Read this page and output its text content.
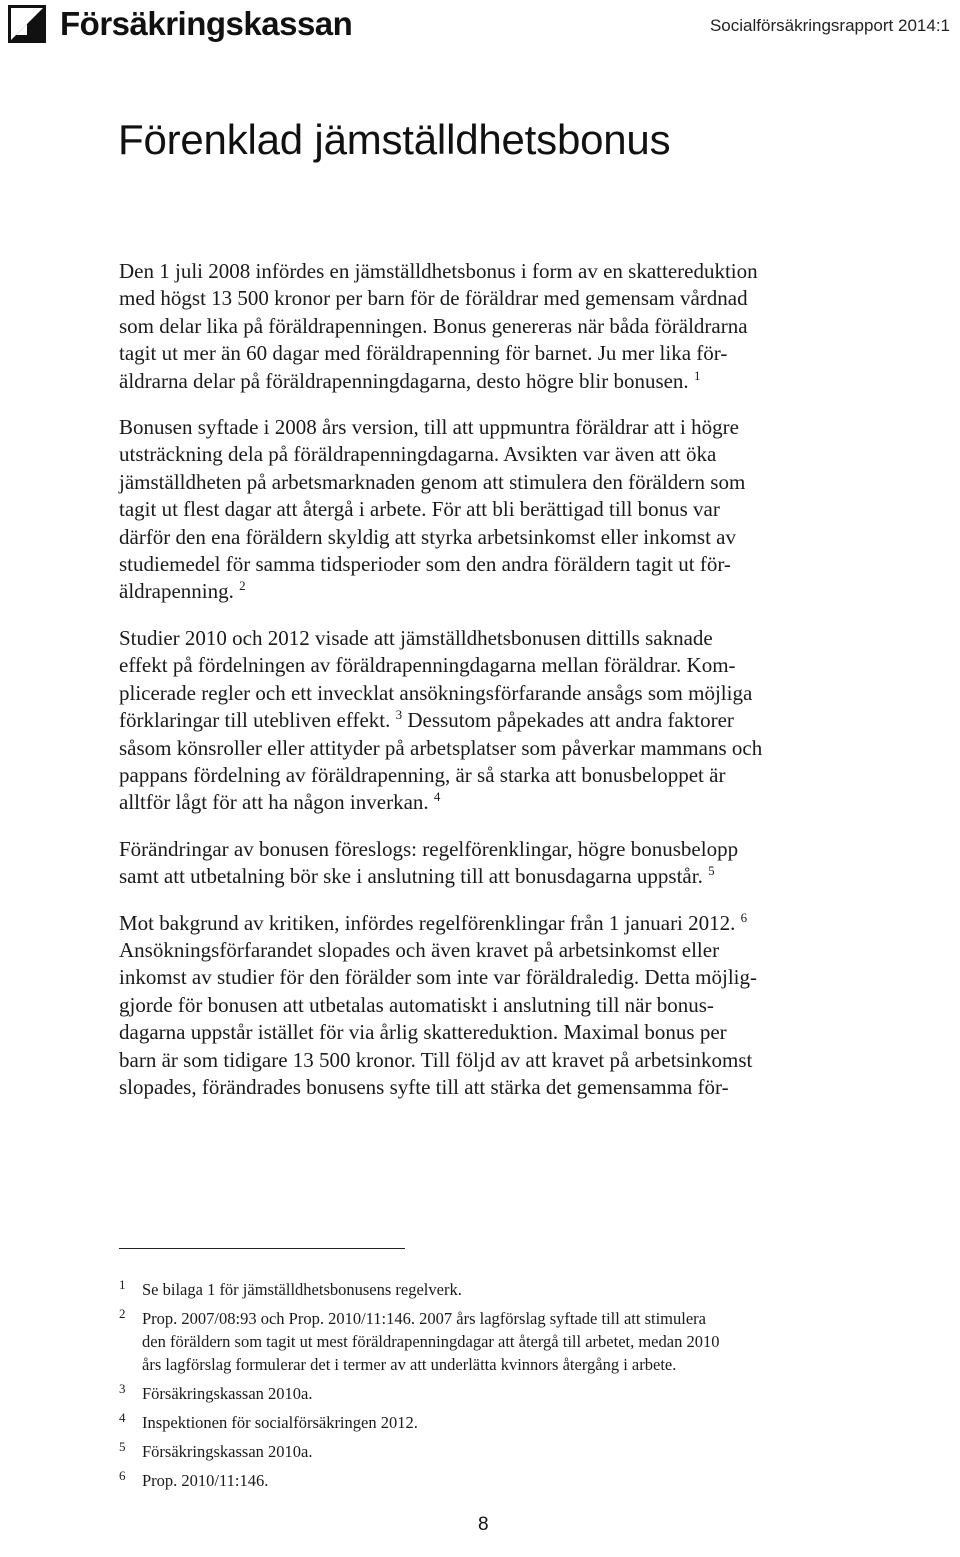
Försäkringskassan	Socialförsäkringsrapport 2014:1
Förenklad jämställdhetsbonus

Den 1 juli 2008 infördes en jämställdhetsbonus i form av en skattereduktion
med högst 13 500 kronor per barn för de föräldrar med gemensam vårdnad
som delar lika på föräldrapenningen. Bonus genereras när båda föräldrarna
tagit ut mer än 60 dagar med föräldrapenning för barnet. Ju mer lika för-
äldrarna delar på föräldrapenningdagarna, desto högre blir bonusen. $^1$

Bonusen syftade i 2008 års version, till att uppmuntra föräldrar att i högre
utsträckning dela på föräldrapenningdagarna. Avsikten var även att öka
jämställdheten på arbetsmarknaden genom att stimulera den föräldern som
tagit ut flest dagar att återgå i arbete. För att bli berättigad till bonus var
därför den ena föräldern skyldig att styrka arbetsinkomst eller inkomst av
studiemedel för samma tidsperioder som den andra föräldern tagit ut för-
äldrapenning. $^2$

Studier 2010 och 2012 visade att jämställdhetsbonusen dittills saknade
effekt på fördelningen av föräldrapenningdagarna mellan föräldrar. Kom-
plicerade regler och ett invecklat ansökningsförfarande ansågs som möjliga
förklaringar till utebliven effekt. $^3$ Dessutom påpekades att andra faktorer
såsom könsroller eller attityder på arbetsplatser som påverkar mammans och
pappans fördelning av föräldrapenning, är så starka att bonusbeloppet är
alltför lågt för att ha någon inverkan. $^4$

Förändringar av bonusen föreslogs: regelförenklingar, högre bonusbelopp
samt att utbetalning bör ske i anslutning till att bonusdagarna uppstår. $^5$

Mot bakgrund av kritiken, infördes regelförenklingar från 1 januari 2012. $^6$
Ansökningsförfarandet slopades och även kravet på arbetsinkomst eller
inkomst av studier för den förälder som inte var föräldraledig. Detta möjlig-
gjorde för bonusen att utbetalas automatiskt i anslutning till när bonus-
dagarna uppstår istället för via årlig skattereduktion. Maximal bonus per
barn är som tidigare 13 500 kronor. Till följd av att kravet på arbetsinkomst
slopades, förändrades bonusens syfte till att stärka det gemensamma för-

1 Se bilaga 1 för jämställdhetsbonusens regelverk.
2 Prop. 2007/08:93 och Prop. 2010/11:146. 2007 års lagförslag syftade till att stimulera
den föräldern som tagit ut mest föräldrapenningdagar att återgå till arbetet, medan 2010
års lagförslag formulerar det i termer av att underlätta kvinnors återgång i arbete.
3 Försäkringskassan 2010a.
4 Inspektionen för socialförsäkringen 2012.
5 Försäkringskassan 2010a.
6 Prop. 2010/11:146.
8
